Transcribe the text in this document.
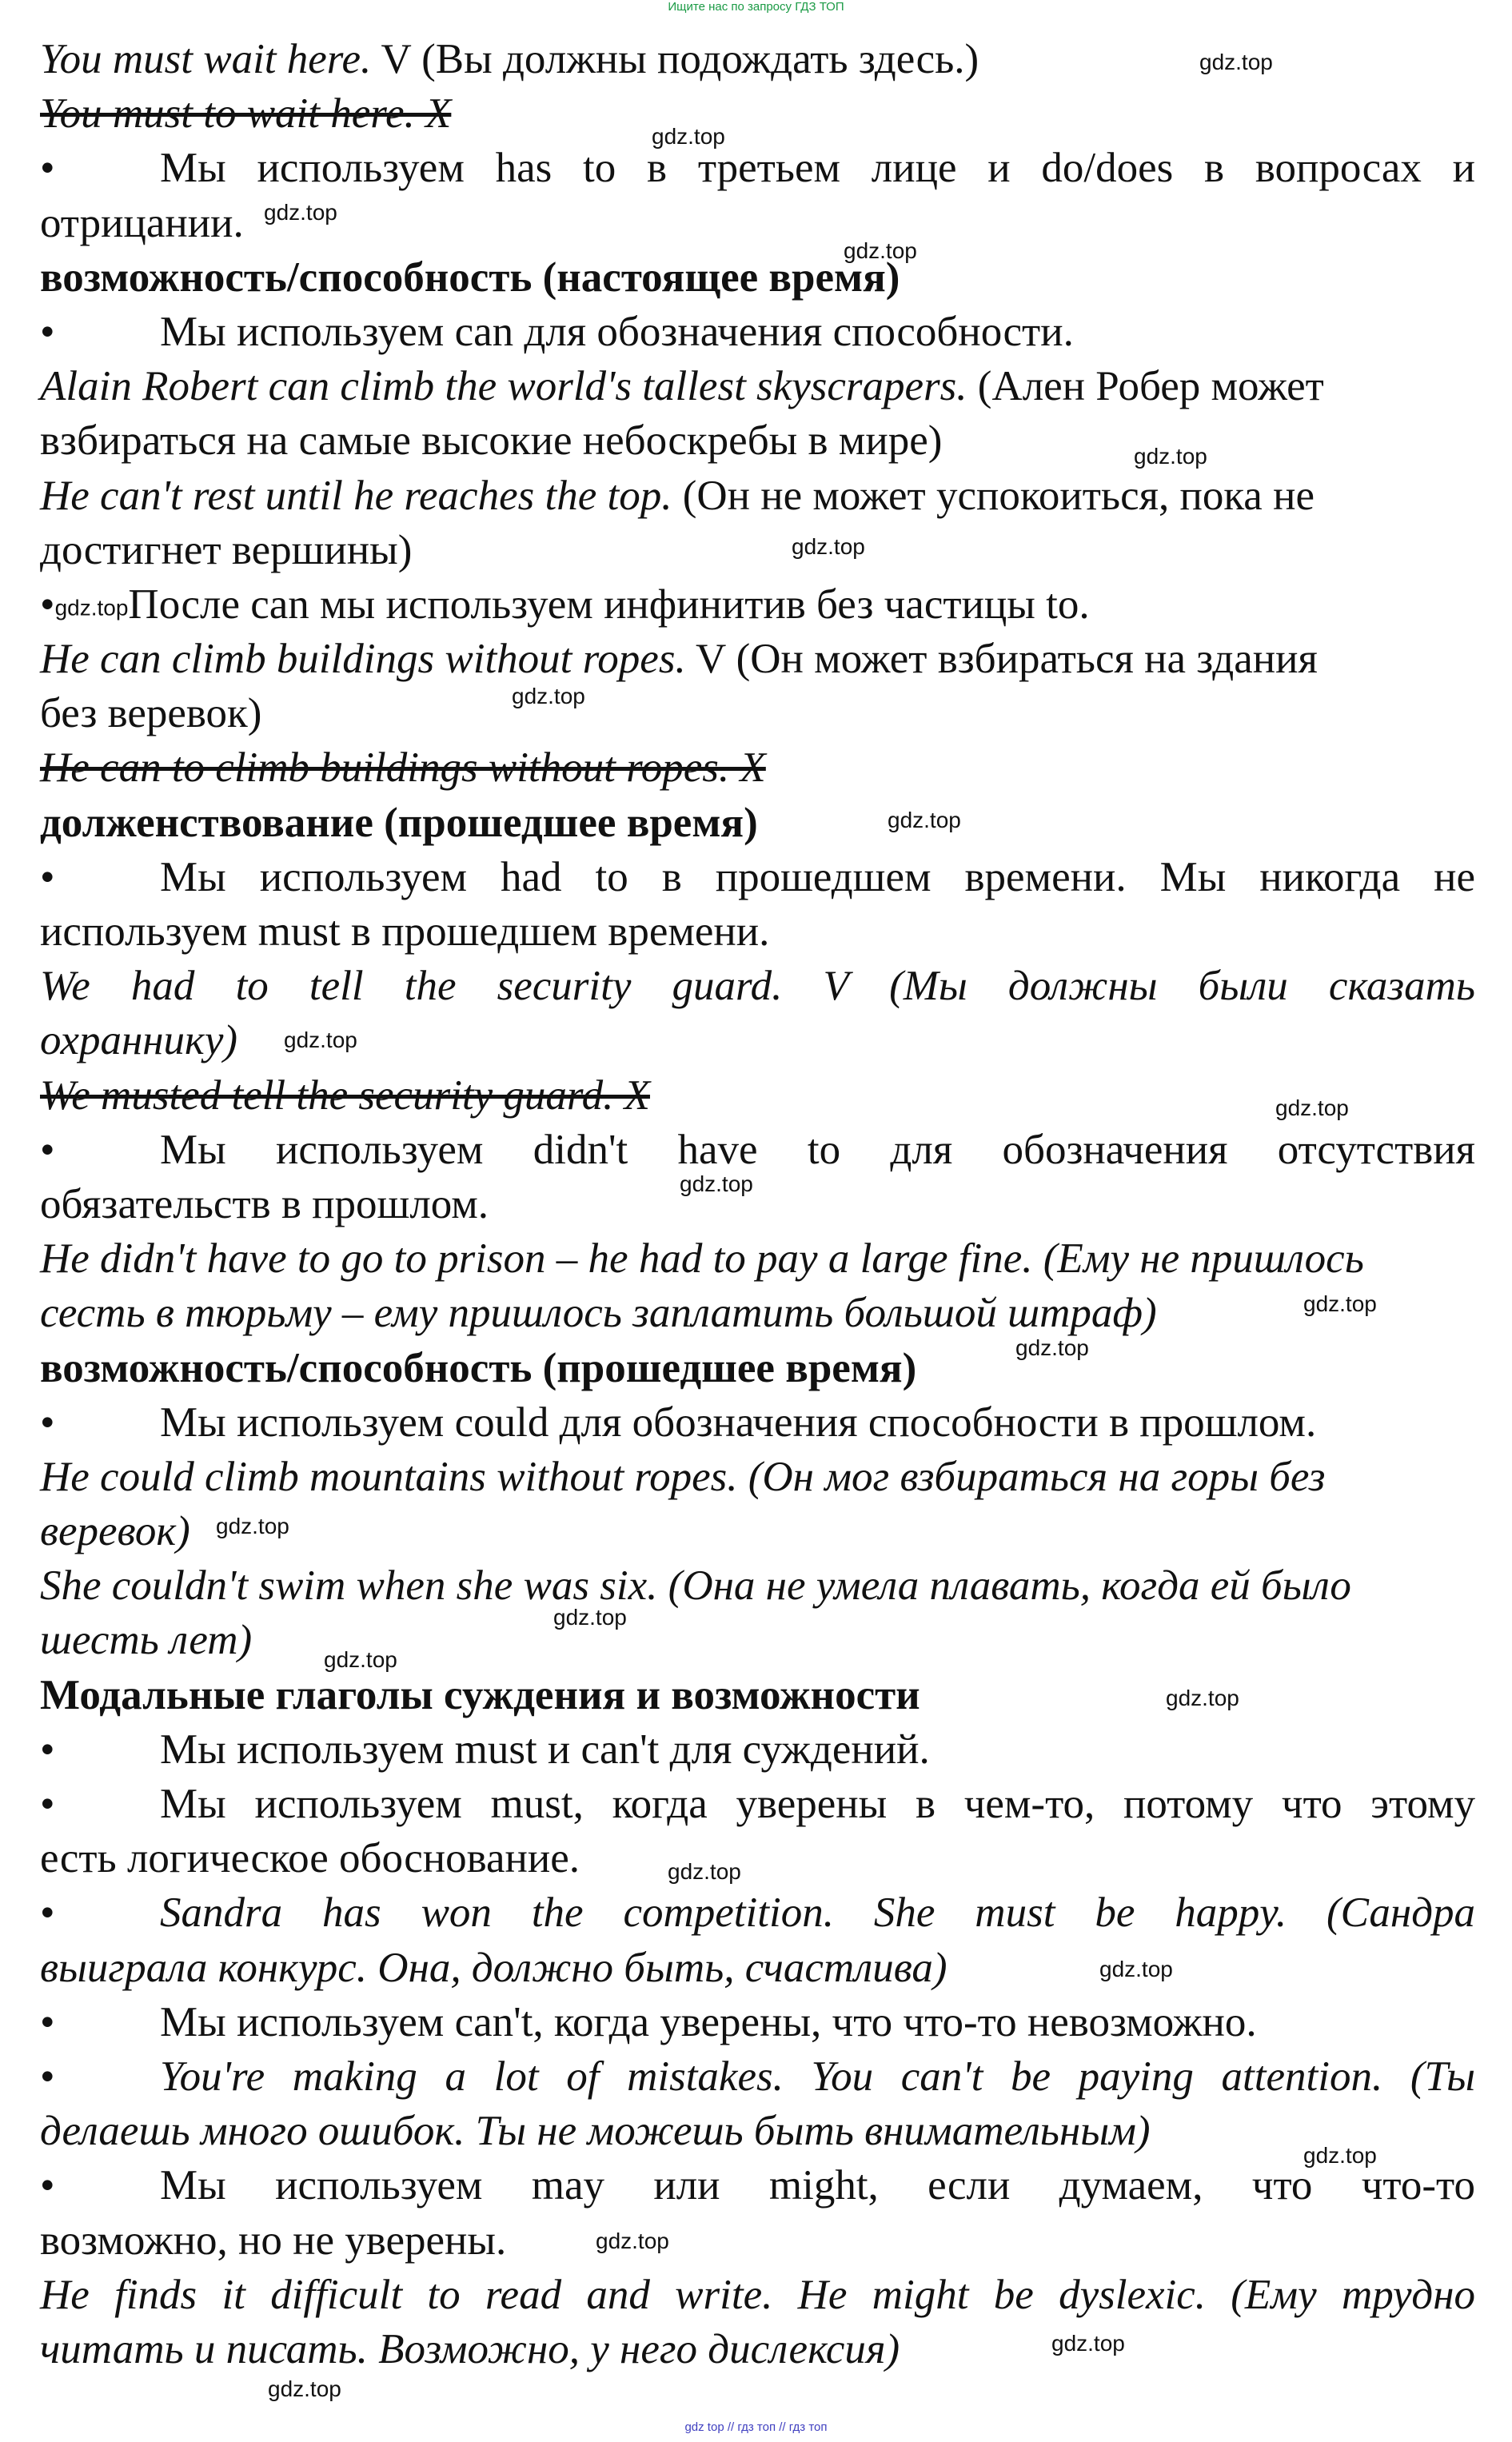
Ищите нас по запросу ГДЗ ТОП
You must wait here. V (Вы должны подождать здесь.)
You must to wait here. X
•	Мы используем has to в третьем лице и do/does в вопросах и
отрицании.
возможность/способность (настоящее время)
• Мы используем can для обозначения способности.
Alain Robert can climb the world's tallest skyscrapers. (Ален Робер может
взбираться на самые высокие небоскребы в мире)
He can't rest until he reaches the top. (Он не может успокоиться, пока не
достигнет вершины)
•gdz.topПосле can мы используем инфинитив без частицы to.
He can climb buildings without ropes. V (Он может взбираться на здания
без веревок)
He can to climb buildings without ropes. X
долженствование (прошедшее время)
•	Мы используем had to в прошедшем времени. Мы никогда не
используем must в прошедшем времени.
We had to tell the security guard. V (Мы должны были сказать
охраннику)
We musted tell the security guard. X
•	Мы используем didn't have to для обозначения отсутствия
обязательств в прошлом.
He didn't have to go to prison – he had to pay a large fine. (Ему не пришлось
сесть в тюрьму – ему пришлось заплатить большой штраф)
возможность/способность (прошедшее время)
• Мы используем could для обозначения способности в прошлом.
He could climb mountains without ropes. (Он мог взбираться на горы без
веревок)
She couldn't swim when she was six. (Она не умела плавать, когда ей было
шесть лет)
Модальные глаголы суждения и возможности
• Мы используем must и can't для суждений.
•	Мы используем must, когда уверены в чем-то, потому что этому
есть логическое обоснование.
•	Sandra has won the competition. She must be happy. (Сандра
выиграла конкурс. Она, должно быть, счастлива)
• Мы используем can't, когда уверены, что что-то невозможно.
•	You're making a lot of mistakes. You can't be paying attention. (Ты
делаешь много ошибок. Ты не можешь быть внимательным)
•	Мы используем may или might, если думаем, что что-то
возможно, но не уверены.
He finds it difficult to read and write. He might be dyslexic. (Ему трудно
читать и писать. Возможно, у него дислексия)
gdz.top
gdz.top
gdz.top
gdz.top
gdz.top
gdz.top
gdz.top
gdz.top
gdz.top
gdz.top
gdz.top
gdz.top
gdz.top
gdz.top
gdz.top
gdz.top
gdz.top
gdz.top
gdz.top
gdz.top
gdz.top
gdz.top
gdz.top
gdz top // гдз топ // гдз топ
